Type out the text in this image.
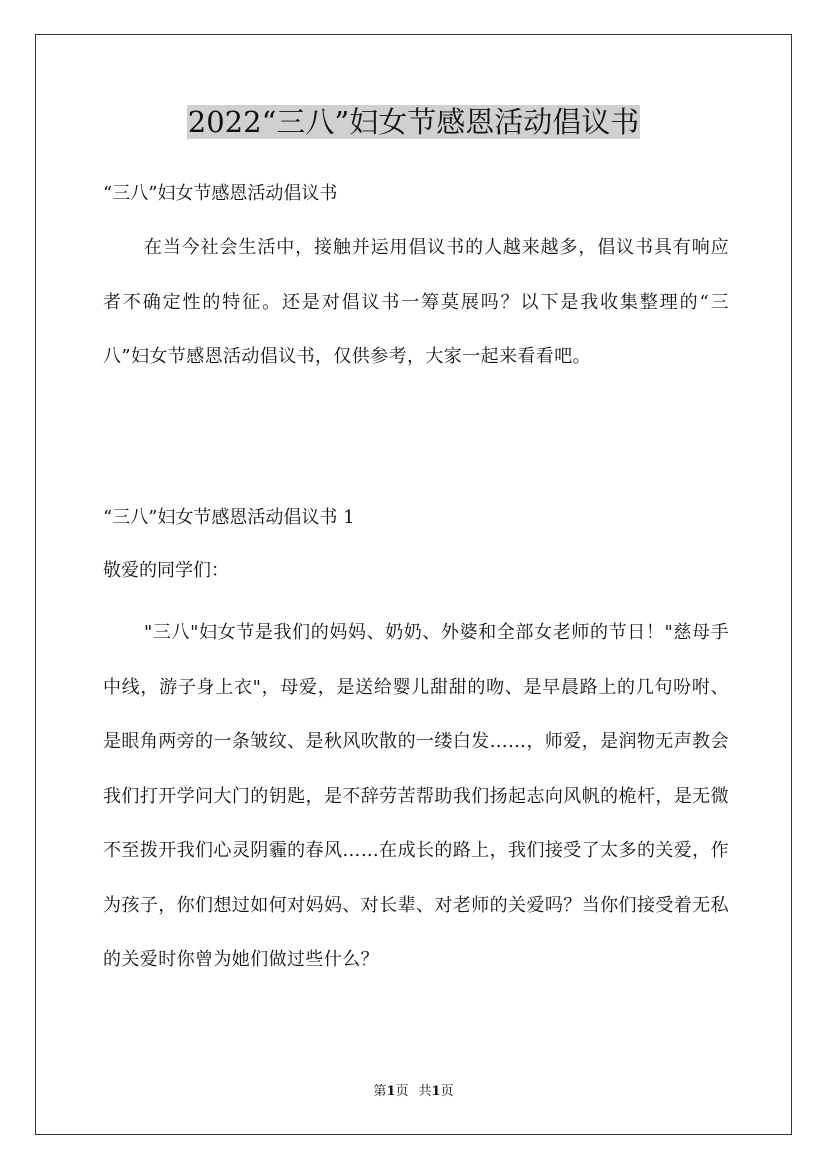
2022“三八”妇女节感恩活动倡议书

“三八”妇女节感恩活动倡议书

在当今社会生活中，接触并运用倡议书的人越来越多，倡议书具有响应者不确定性的特征。还是对倡议书一筹莫展吗？以下是我收集整理的“三八”妇女节感恩活动倡议书，仅供参考，大家一起来看看吧。

“三八”妇女节感恩活动倡议书 1

敬爱的同学们：

"三八"妇女节是我们的妈妈、奶奶、外婆和全部女老师的节日！"慈母手中线，游子身上衣"，母爱，是送给婴儿甜甜的吻、是早晨路上的几句吩咐、是眼角两旁的一条皱纹、是秋风吹散的一缕白发……，师爱，是润物无声教会我们打开学问大门的钥匙，是不辞劳苦帮助我们扬起志向风帆的桅杆，是无微不至拨开我们心灵阴霾的春风……在成长的路上，我们接受了太多的关爱，作为孩子，你们想过如何对妈妈、对长辈、对老师的关爱吗？当你们接受着无私的关爱时你曾为她们做过些什么？

第1页 共1页
